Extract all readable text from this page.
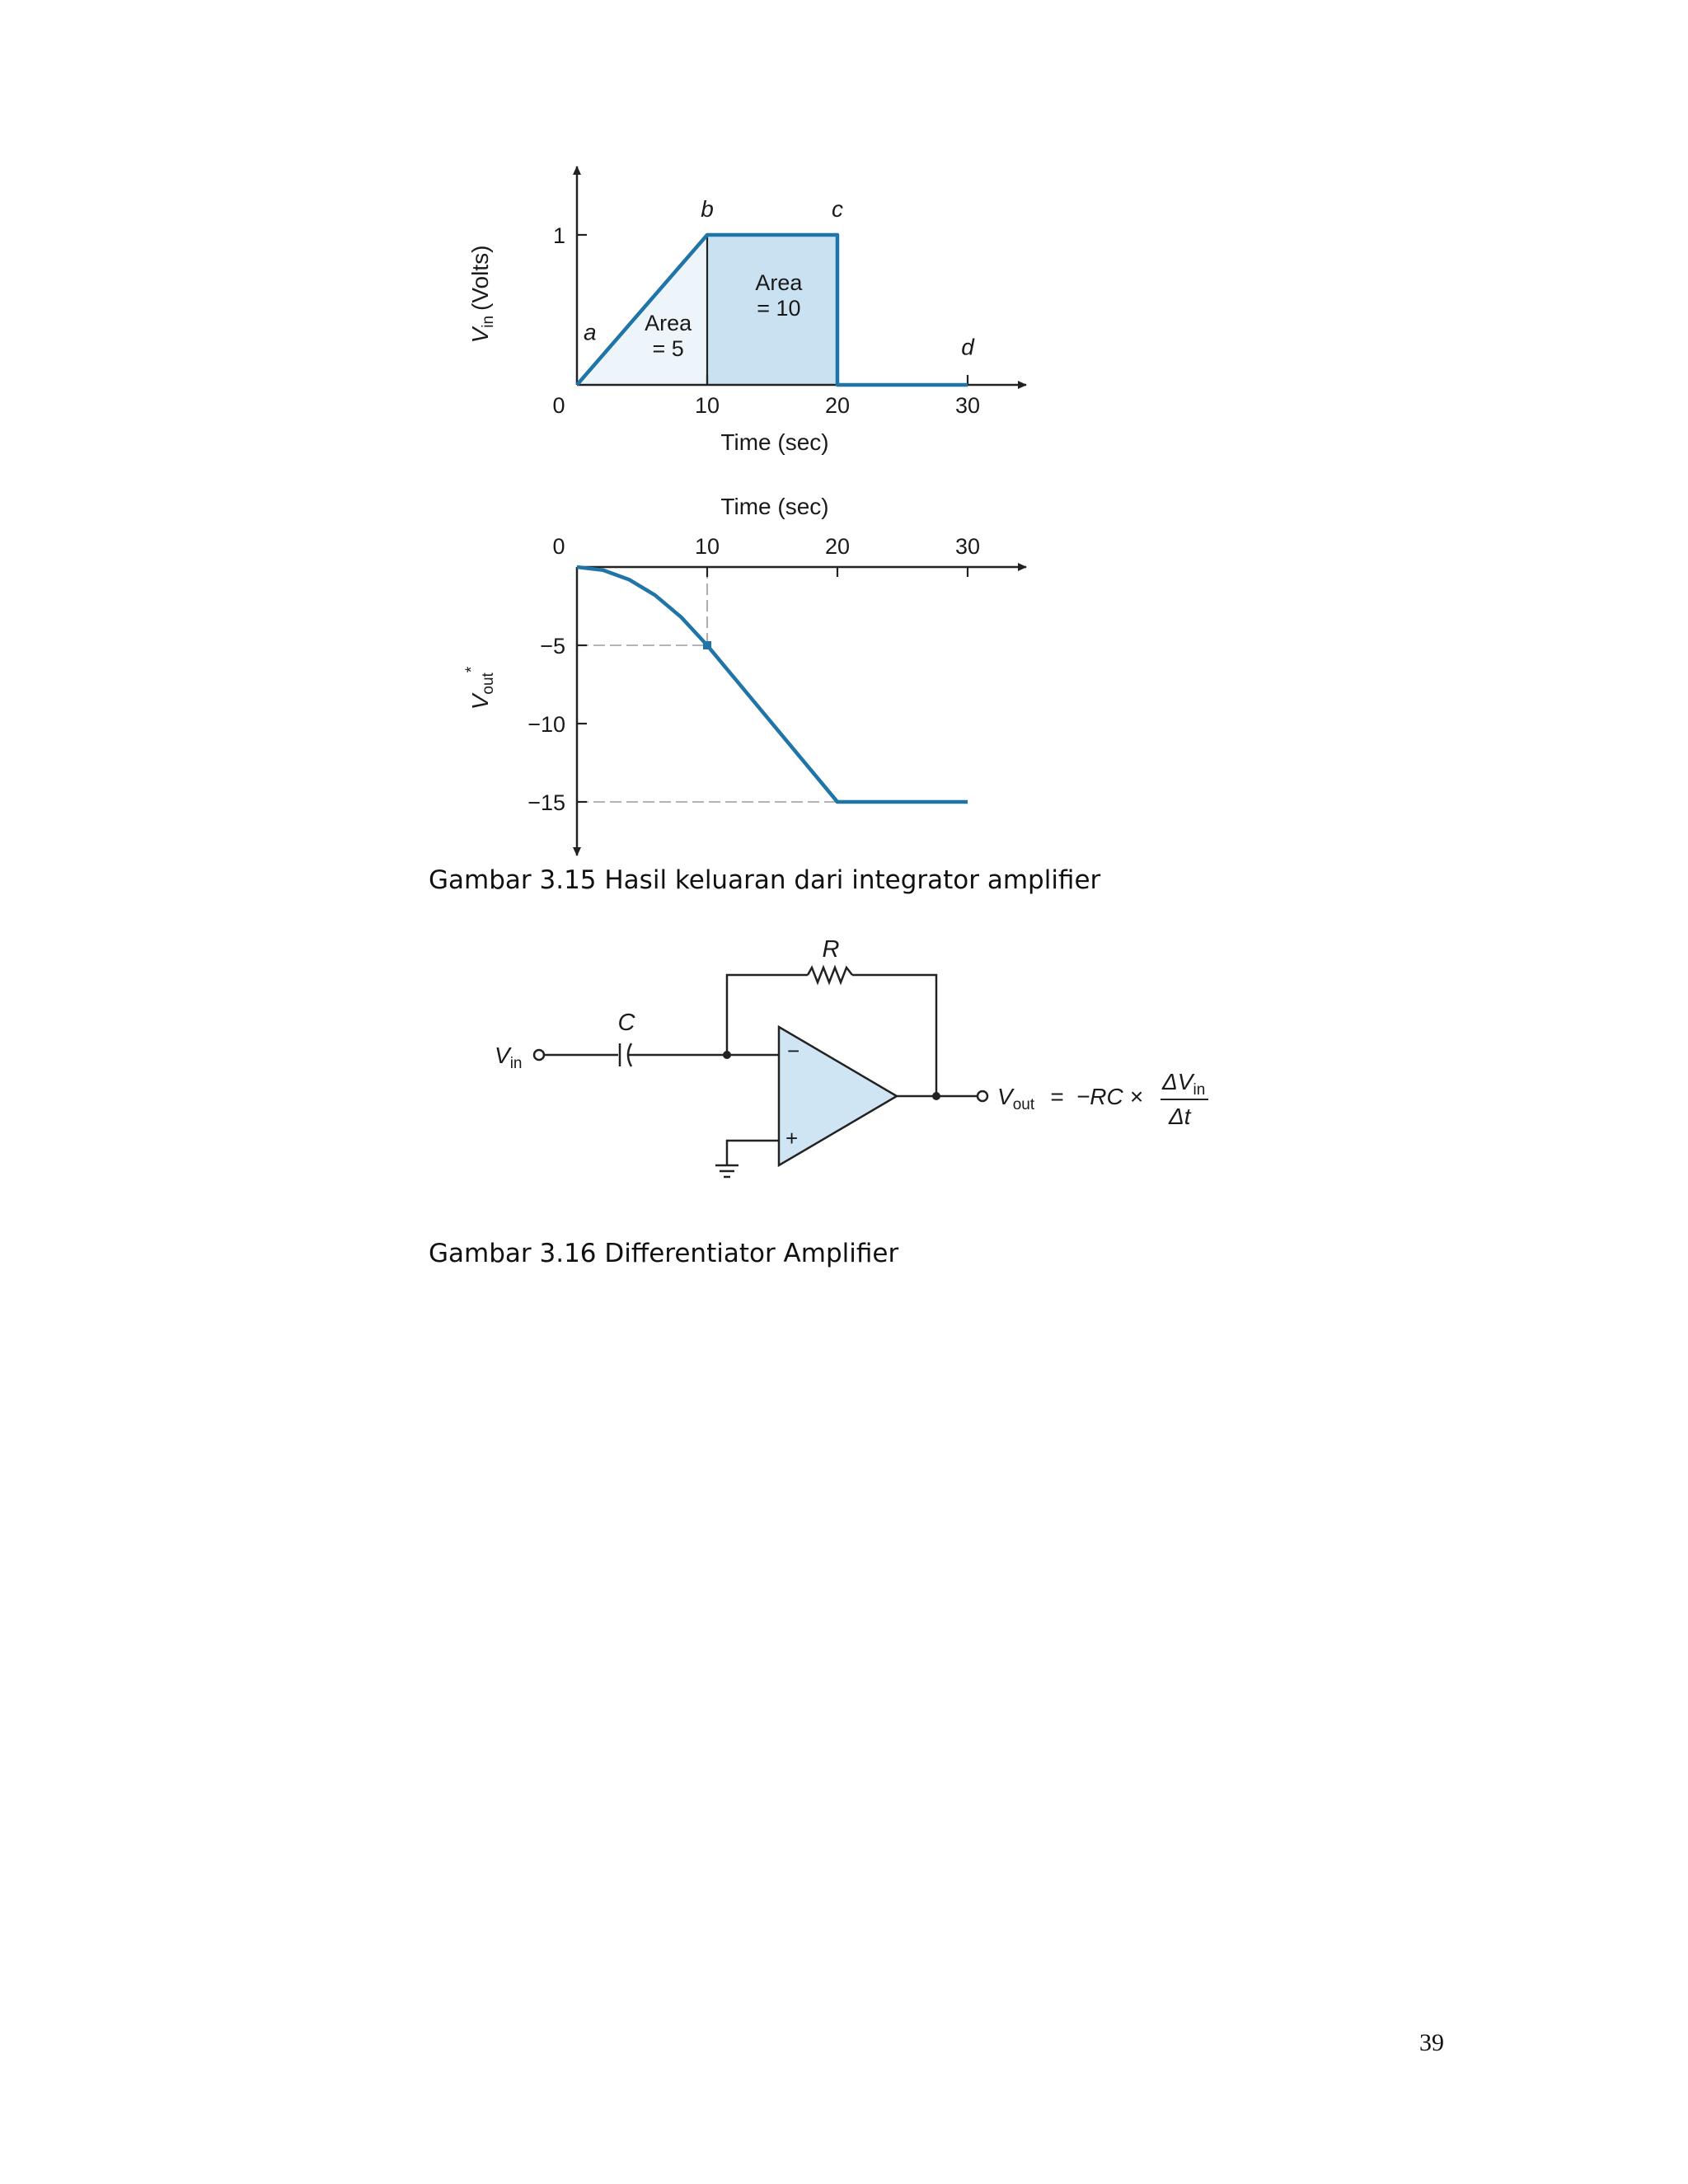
0	10	20	30
1
a
b	c
d
Area
= 5
Area
= 10
Time (sec)
$V_{in}(Volts)$
0	10	20	30
−5
−10
−15
Time (sec)
$V_{out}^*$
−
+
R
C
$V_{in}$
$V_{out} = -RC$ ×
$\Delta V_{in}$
Δt
Gambar 3.15 Hasil keluaran dari integrator amplifier
Gambar 3.16 Differentiator Amplifier
39
